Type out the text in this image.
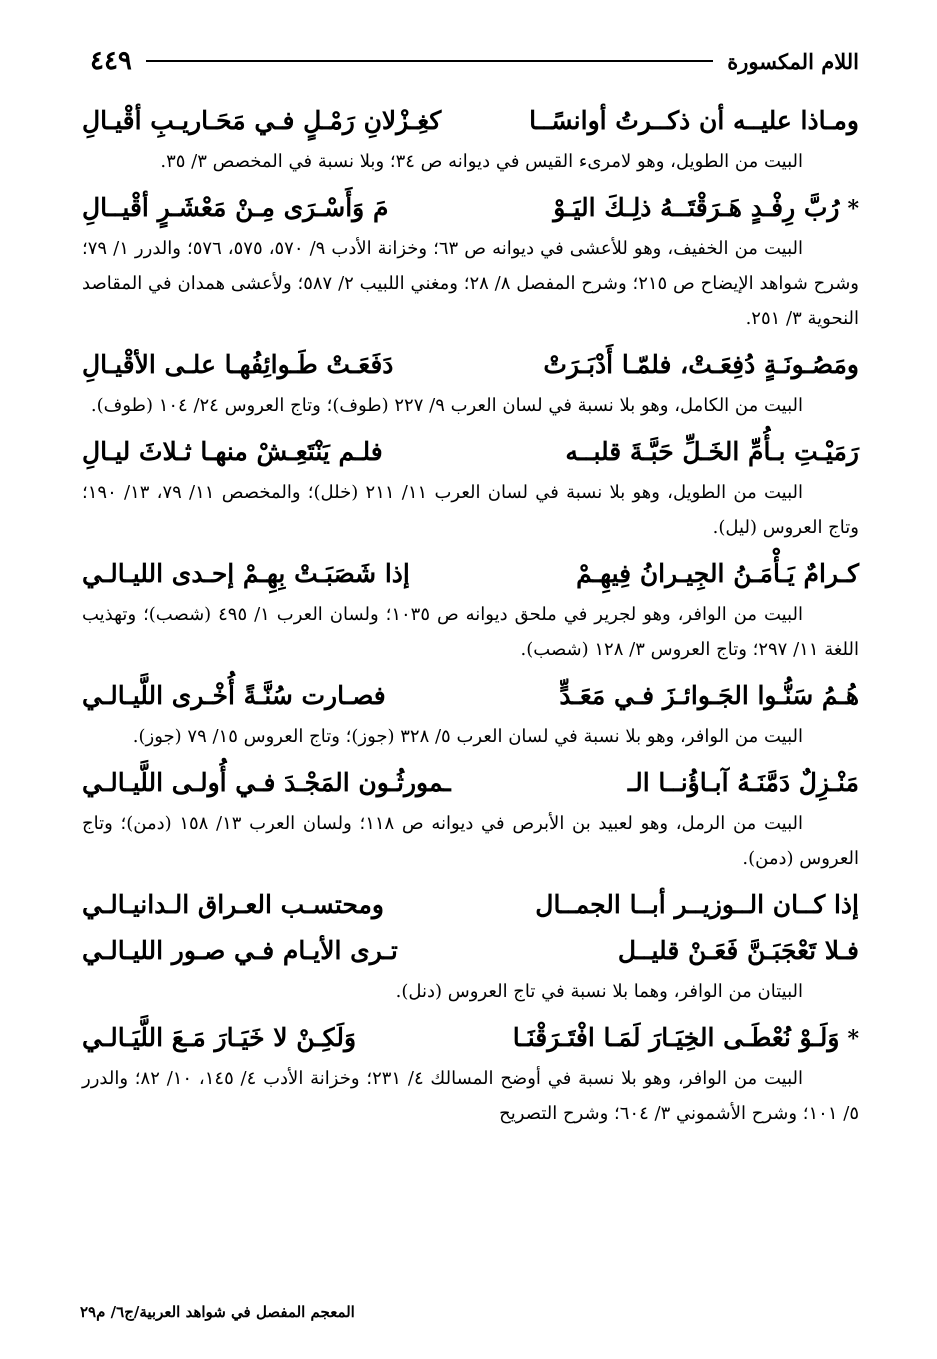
اللام المكسورة
٤٤٩
ومـاذا عليــه أن ذكــرتُ أوانسًــا
كغِـزْلانِ رَمْـلٍ فـي مَحَـاريـبِ أقْيـالِ

البيت من الطويل، وهو لامرىء القيس في ديوانه ص ٣٤؛ وبلا نسبة في المخصص ٣/ ٣٥.

*رُبَّ رِفْـدٍ هَـرَقْتَــهُ ذلِـكَ اليَـوْ
مَ وَأَسْـرَى مِـنْ مَعْشَـرٍ أقْيــالِ

البيت من الخفيف، وهو للأعشى في ديوانه ص ٦٣؛ وخزانة الأدب ٩/ ٥٧٠، ٥٧٥، ٥٧٦؛ والدرر ١/ ٧٩؛ وشرح شواهد الإيضاح ص ٢١٥؛ وشرح المفصل ٨/ ٢٨؛ ومغني اللبيب ٢/ ٥٨٧؛ ولأعشى همدان في المقاصد النحوية ٣/ ٢٥١.

ومَصُـونَـةٍ دُفِعَـتْ، فلمّـا أَدْبَـرَتْ
دَفَعَـتْ طَـوائِفُهـا علـى الأقْيـالِ

البيت من الكامل، وهو بلا نسبة في لسان العرب ٩/ ٢٢٧ (طوف)؛ وتاج العروس ٢٤/ ١٠٤ (طوف).

رَمَيْـتِ بـأُمِّ الخَـلِّ حَبَّـةَ قلبــه
فلـم يَنْتَعِـشْ منهـا ثـلاثَ ليـالِ

البيت من الطويل، وهو بلا نسبة في لسان العرب ١١/ ٢١١ (خلل)؛ والمخصص ١١/ ٧٩، ١٣/ ١٩٠؛ وتاج العروس (ليل).

كـرامٌ يَـأْمَـنُ الجِيـرانُ فِيهِـمْ
إذا شَصَبَـتْ بِهِـمْ إحـدى الليـالـي

البيت من الوافر، وهو لجرير في ملحق ديوانه ص ١٠٣٥؛ ولسان العرب ١/ ٤٩٥ (شصب)؛ وتهذيب اللغة ١١/ ٢٩٧؛ وتاج العروس ٣/ ١٢٨ (شصب).

هُـمُ سَنُّـوا الجَـوائـزَ فـي مَعَـدٍّ
فصـارت سُنَّـةً أُخْـرى اللَّيـالـي

البيت من الوافر، وهو بلا نسبة في لسان العرب ٥/ ٣٢٨ (جوز)؛ وتاج العروس ١٥/ ٧٩ (جوز).

مَنْـزِلٌ دَمَّنَـهُ آبـاؤُنــا الـ
ـمورثُـون المَجْـدَ فـي أُولـى اللَّيـالـي

البيت من الرمل، وهو لعبيد بن الأبرص في ديوانه ص ١١٨؛ ولسان العرب ١٣/ ١٥٨ (دمن)؛ وتاج العروس (دمن).

إذا كــان الــوزيــر أبــا الجمــال
ومحتسـب العـراق الـدانيـالـي
فـلا تَعْجَبَـنَّ فَعَـنْ قليــل
تـرى الأيـام فـي صـور الليـالـي

البيتان من الوافر، وهما بلا نسبة في تاج العروس (دنل).

*وَلَـوْ نُعْطَـى الخِيَـارَ لَمَـا افْتَـرَقْنَـا
وَلَكِـنْ لا خَيَـارَ مَـعَ اللَّيَـالـي

البيت من الوافر، وهو بلا نسبة في أوضح المسالك ٤/ ٢٣١؛ وخزانة الأدب ٤/ ١٤٥، ١٠/ ٨٢؛ والدرر ٥/ ١٠١؛ وشرح الأشموني ٣/ ٦٠٤؛ وشرح التصريح

المعجم المفصل في شواهد العربية/ج٦/ م٢٩
